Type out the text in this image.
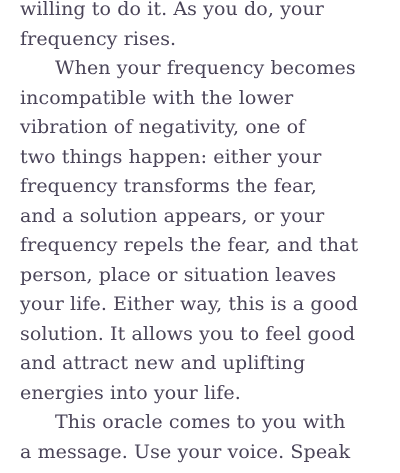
willing to do it. As you do, your
frequency rises.
When your frequency becomes
incompatible with the lower
vibration of negativity, one of
two things happen: either your
frequency transforms the fear,
and a solution appears, or your
frequency repels the fear, and that
person, place or situation leaves
your life. Either way, this is a good
solution. It allows you to feel good
and attract new and uplifting
energies into your life.
This oracle comes to you with
a message. Use your voice. Speak
